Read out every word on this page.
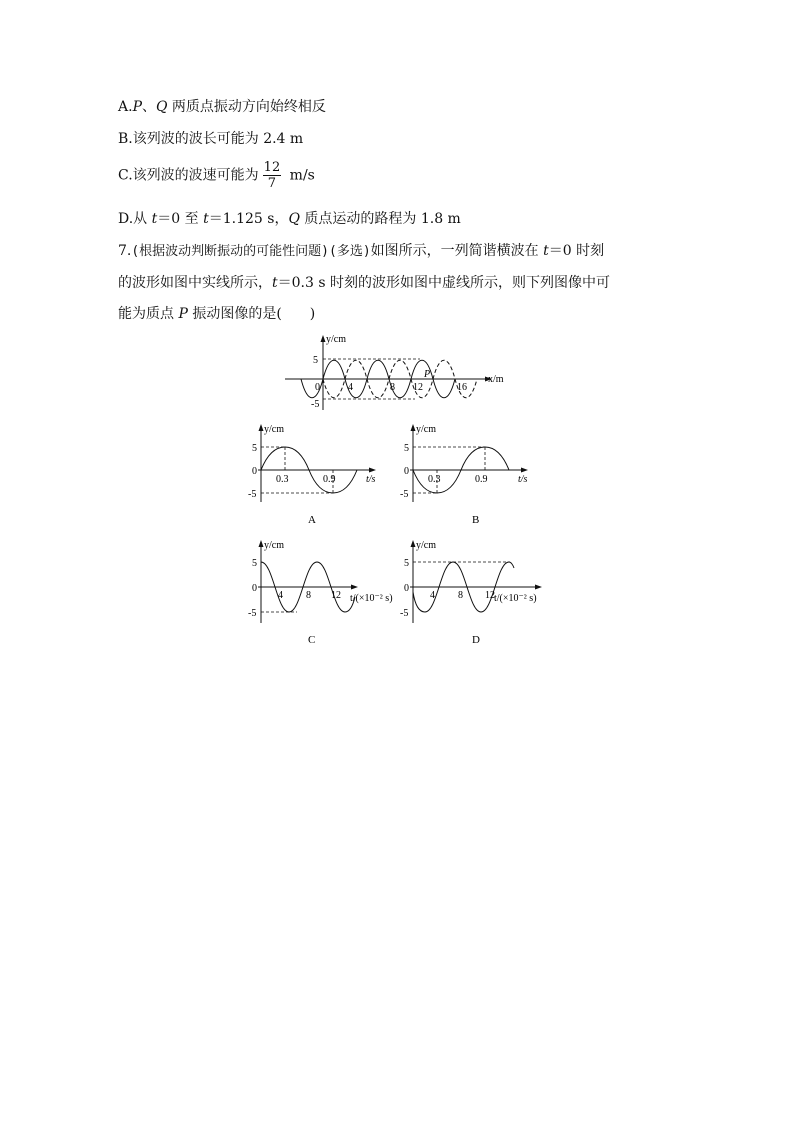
A.P、Q 两质点振动方向始终相反
B.该列波的波长可能为 2.4 m
C.该列波的波速可能为 $\frac{12}{7} m/s$
D.从 t＝0 至 t＝1.125 s，Q 质点运动的路程为 1.8 m
7.(根据波动判断振动的可能性问题)(多选)如图所示，一列简谐横波在 t＝0 时刻
的波形如图中实线所示，t＝0.3 s 时刻的波形如图中虚线所示，则下列图像中可
能为质点 P 振动图像的是(　　)
y/cm
x/m
5
-5
0	4	8 12	16
P
y/cm
t/s
5
0
-5
0.3	0.9
A
y/cm
t/s
5
0
-5
0.3	0.9
B
y/cm
t/(×10⁻² s)
5
0
-5
4 8 12
C
y/cm
t/(×10⁻² s)
5
0
-5
4 8 12
D
